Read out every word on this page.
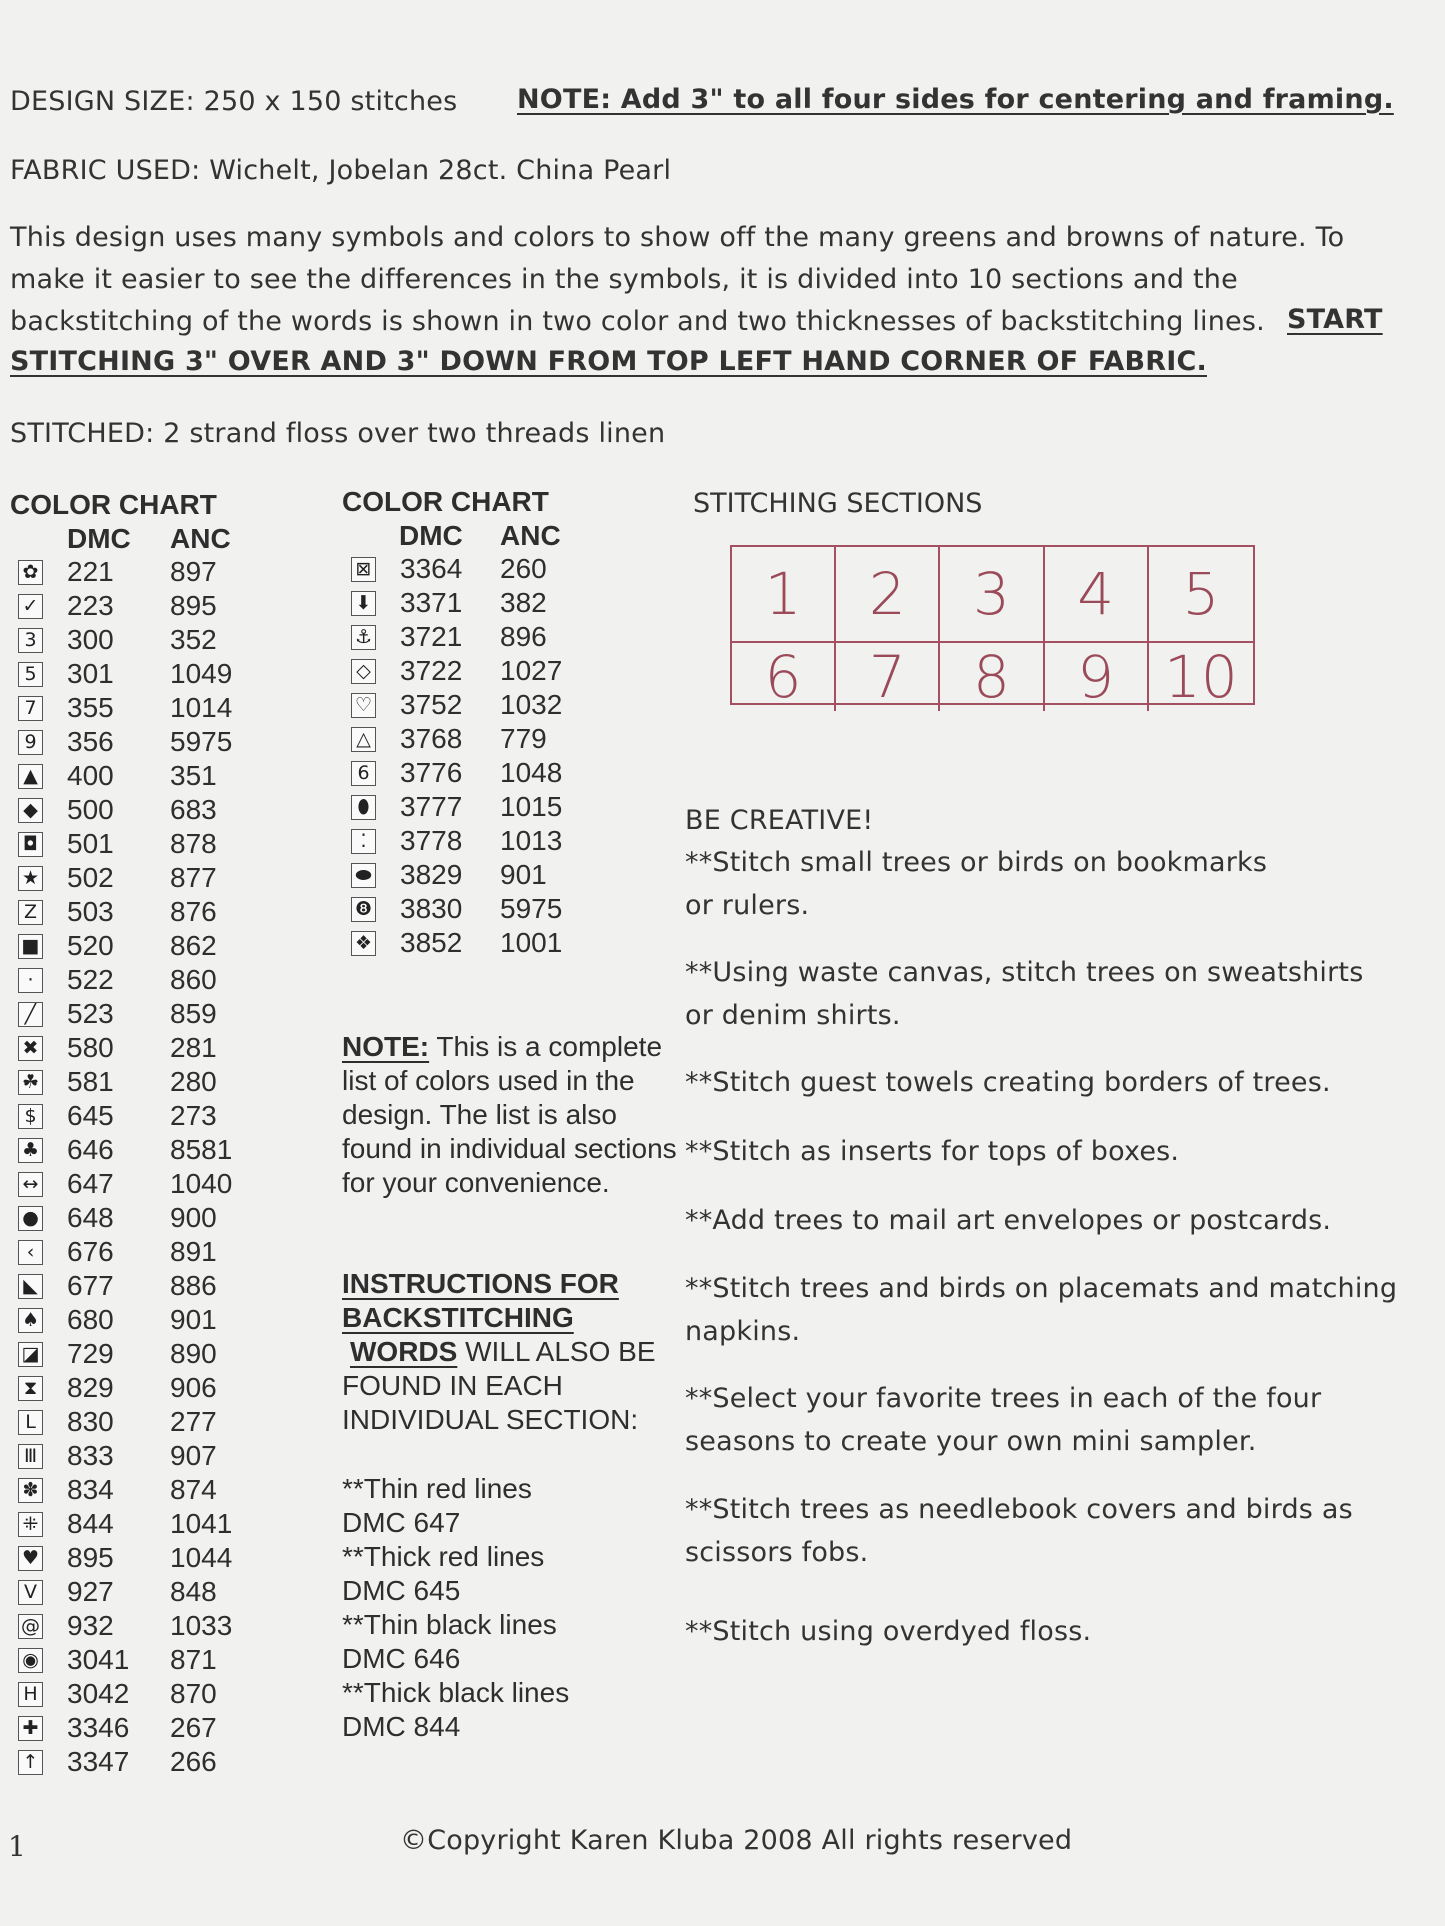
DESIGN SIZE: 250 x 150 stitches NOTE: Add 3" to all four sides for centering and framing.
FABRIC USED: Wichelt, Jobelan 28ct. China Pearl
This design uses many symbols and colors to show off the many greens and browns of nature. To
make it easier to see the differences in the symbols, it is divided into 10 sections and the
backstitching of the words is shown in two color and two thicknesses of backstitching lines. START
STITCHING 3" OVER AND 3" DOWN FROM TOP LEFT HAND CORNER OF FABRIC.
STITCHED: 2 strand floss over two threads linen
COLOR CHART
DMC ANC
✿ 221 897
✓ 223 895
3 300 352
5 301 1049
7 355 1014
9 356 5975
▲ 400 351
◆ 500 683
◘ 501 878
★ 502 877
Z 503 876
■ 520 862
·	522 860
╱ 523 859
✖ 580 281
☘ 581 280
$ 645 273
♣ 646 8581
↔ 647 1040
● 648 900
‹	676 891
◣ 677 886
♠ 680 901
◪ 729 890
⧗ 829 906
L 830 277
Ⅲ 833 907
✽ 834 874
⁜ 844 1041
♥ 895 1044
V 927 848
@ 932 1033
◉ 3041 871
H 3042 870
✚ 3346 267
↑ 3347 266
COLOR CHART
DMC ANC
⊠ 3364 260
⬇ 3371 382
⚓ 3721 896
◇ 3722 1027
♡ 3752 1032
△ 3768 779
6 3776 1048
⬮ 3777 1015
⁚	3778 1013
⬬ 3829 901
❽ 3830 5975
❖ 3852 1001
NOTE: This is a complete list of colors used in the design. The list is also found in individual sections for your convenience.
INSTRUCTIONS FOR
BACKSTITCHING
WORDS WILL ALSO BE FOUND IN EACH INDIVIDUAL SECTION:
**Thin red lines
DMC 647
**Thick red lines
DMC 645
**Thin black lines
DMC 646
**Thick black lines
DMC 844
STITCHING SECTIONS
1	2	3	4	5
6	7	8	9 10
BE CREATIVE!
**Stitch small trees or birds on bookmarks
or rulers.
**Using waste canvas, stitch trees on sweatshirts
or denim shirts.
**Stitch guest towels creating borders of trees.
**Stitch as inserts for tops of boxes.
**Add trees to mail art envelopes or postcards.
**Stitch trees and birds on placemats and matching
napkins.
**Select your favorite trees in each of the four
seasons to create your own mini sampler.
**Stitch trees as needlebook covers and birds as
scissors fobs.
**Stitch using overdyed floss.
1	©Copyright Karen Kluba 2008 All rights reserved
